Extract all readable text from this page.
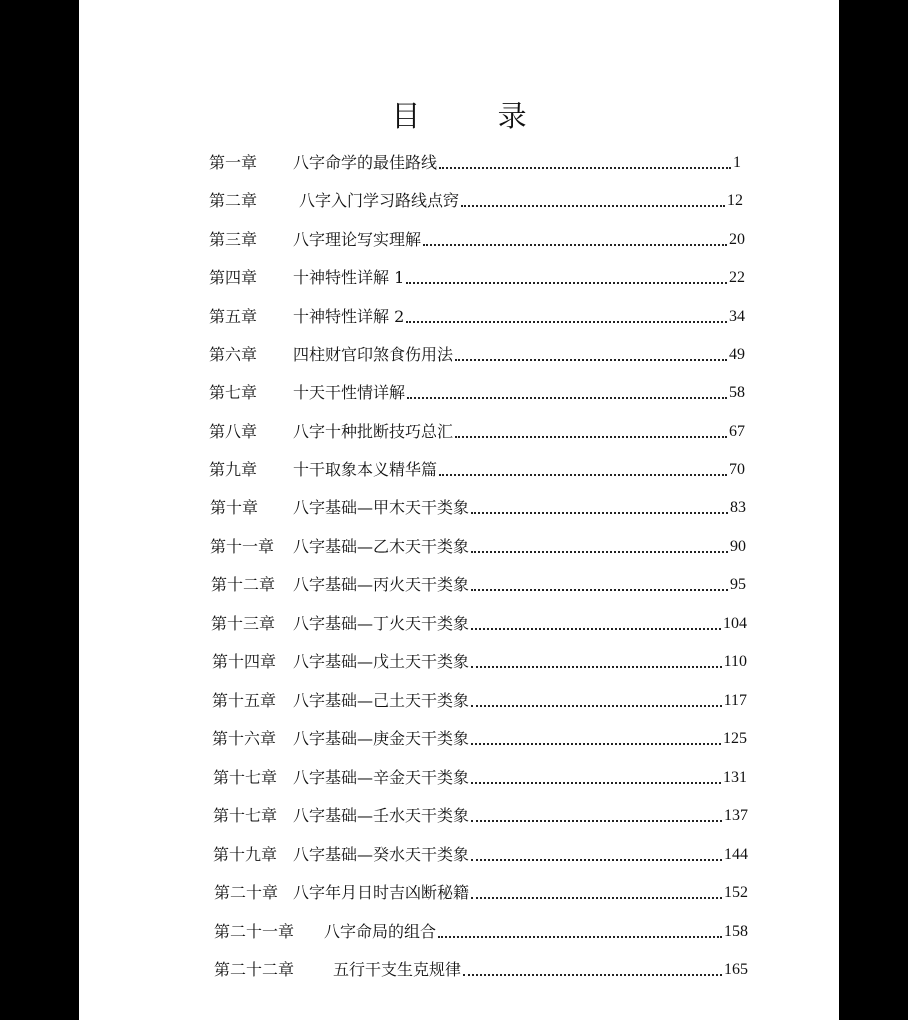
目 录
第一章	八字命学的最佳路线	1
第二章	八字入门学习路线点窍	12
第三章	八字理论写实理解	20
第四章	十神特性详解 1	22
第五章	十神特性详解 2	34
第六章	四柱财官印煞食伤用法	49
第七章	十天干性情详解	58
第八章	八字十种批断技巧总汇	67
第九章	十干取象本义精华篇	70
第十章	八字基础—甲木天干类象	83
第十一章	八字基础—乙木天干类象	90
第十二章	八字基础—丙火天干类象	95
第十三章	八字基础—丁火天干类象	104
第十四章	八字基础—戊土天干类象	110
第十五章	八字基础—己土天干类象	117
第十六章	八字基础—庚金天干类象	125
第十七章 八字基础—辛金天干类象	131
第十七章 八字基础—壬水天干类象	137
第十九章 八字基础—癸水天干类象	144
第二十章 八字年月日时吉凶断秘籍	152
第二十一章	八字命局的组合	158
第二十二章	五行干支生克规律	165
